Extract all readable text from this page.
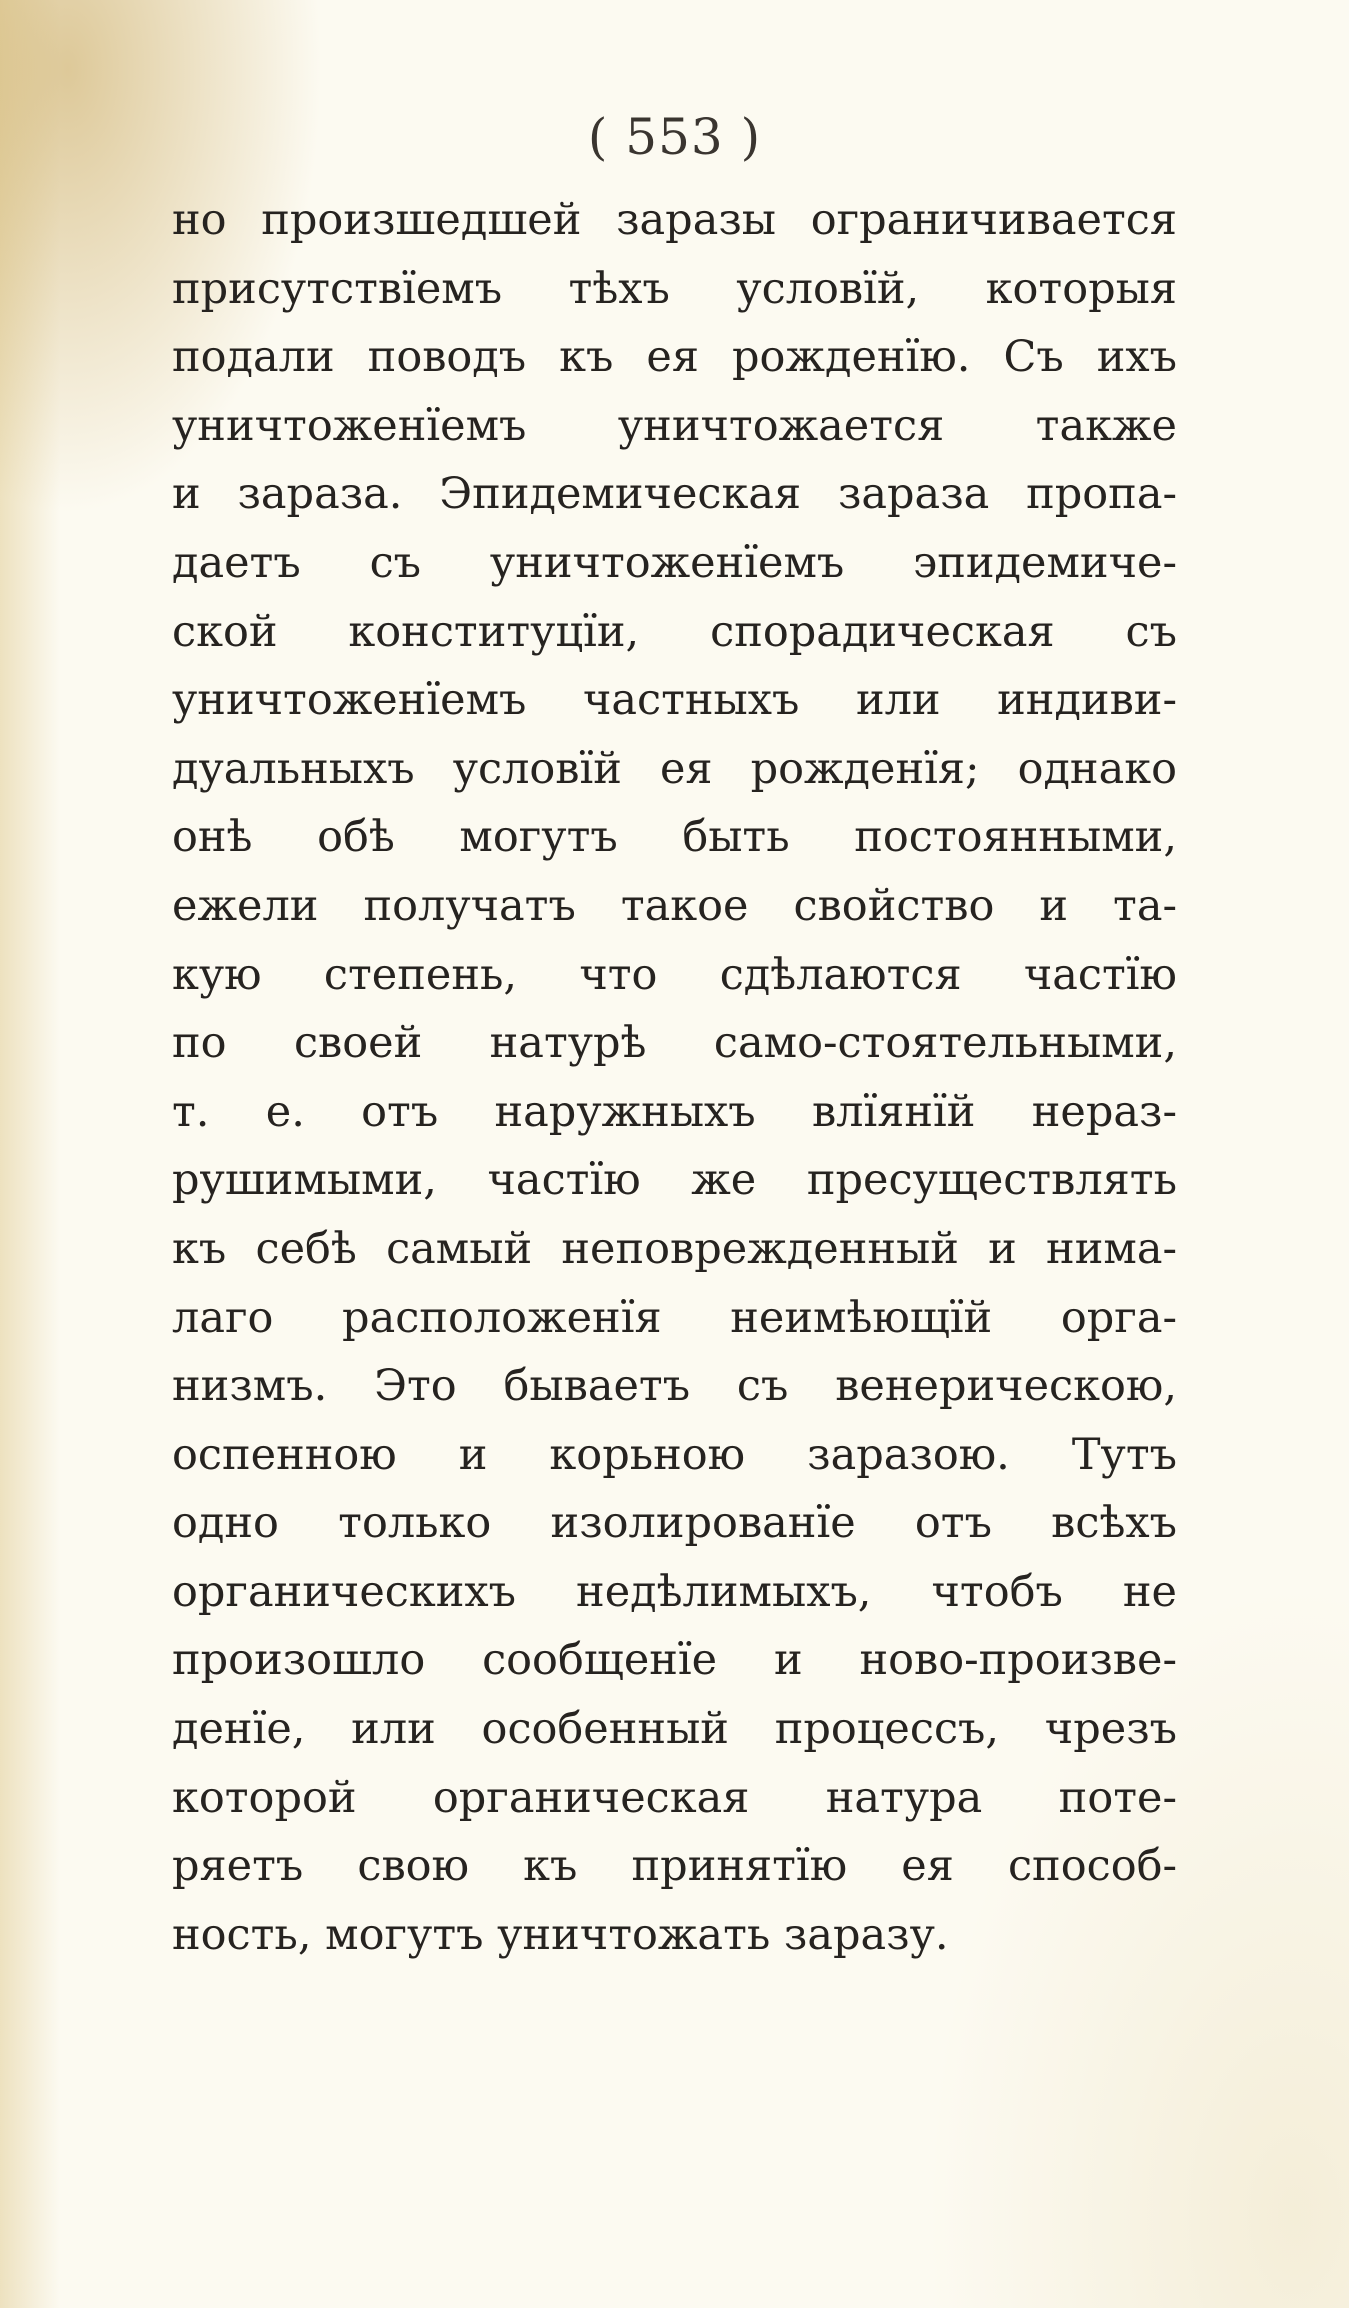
( 553 )
но произшедшей заразы ограничивается
присутствїемъ тѣхъ условїй, которыя
подали поводъ къ ея рожденїю. Съ ихъ
уничтоженїемъ уничтожается также
и зараза. Эпидемическая зараза пропа-
даетъ съ уничтоженїемъ эпидемиче-
ской конституцїи, спорадическая съ
уничтоженїемъ частныхъ или индиви-
дуальныхъ условїй ея рожденїя; однако
онѣ обѣ могутъ быть постоянными,
ежели получатъ такое свойство и та-
кую степень, что сдѣлаются частїю
по своей натурѣ само-стоятельными,
т. е. отъ наружныхъ влїянїй нераз-
рушимыми, частїю же пресуществлять
къ себѣ самый неповрежденный и нима-
лаго расположенїя неимѣющїй орга-
низмъ. Это бываетъ съ венерическою,
оспенною и корьною заразою. Тутъ
одно только изолированїе отъ всѣхъ
органическихъ недѣлимыхъ, чтобъ не
произошло сообщенїе и ново-произве-
денїе, или особенный процессъ, чрезъ
которой органическая натура поте-
ряетъ свою къ принятїю ея способ-
ность, могутъ уничтожать заразу.
